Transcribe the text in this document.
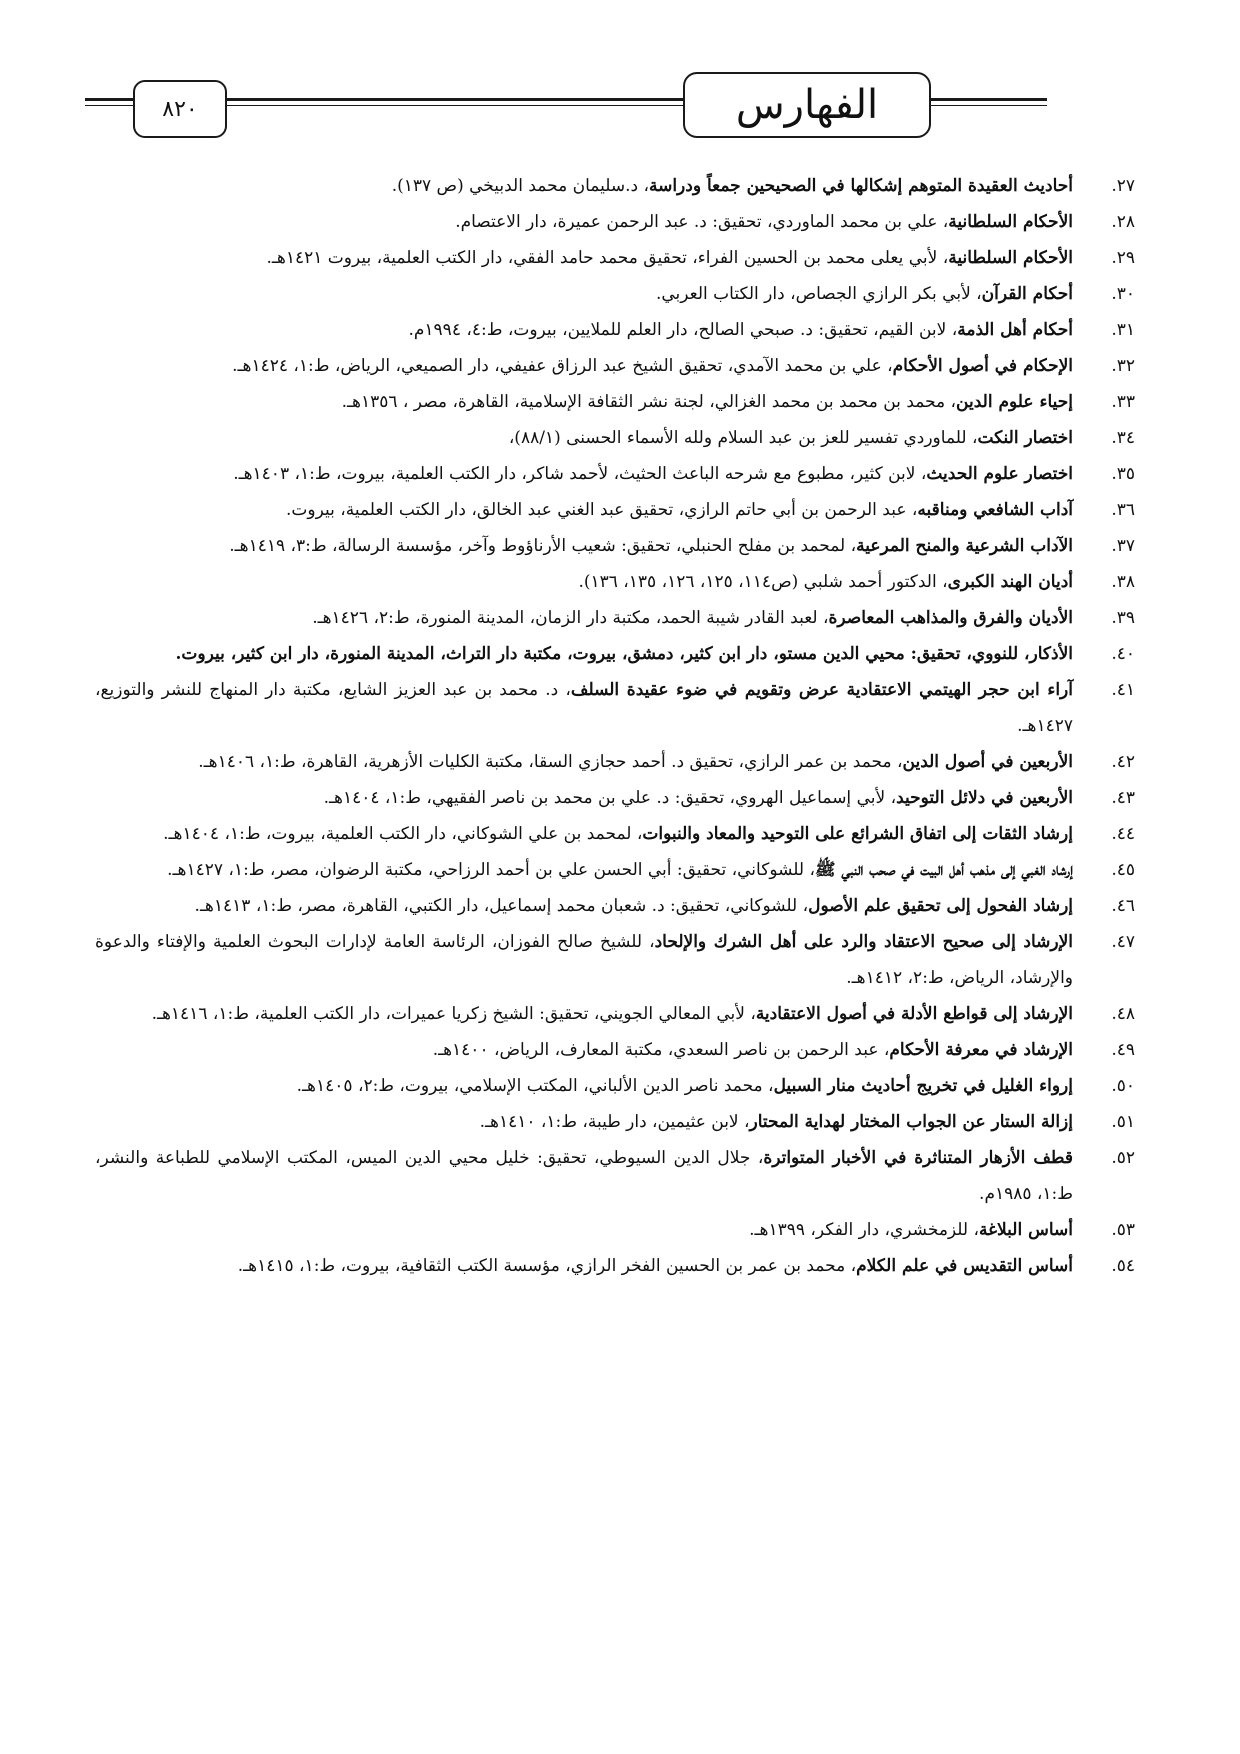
٨٢٠	الفهارس
٢٧.
أحاديث العقيدة المتوهم إشكالها في الصحيحين جمعاً ودراسة، د.سليمان محمد الدبيخي (ص ١٣٧).
٢٨.
الأحكام السلطانية، علي بن محمد الماوردي، تحقيق: د. عبد الرحمن عميرة، دار الاعتصام.
٢٩.
الأحكام السلطانية، لأبي يعلى محمد بن الحسين الفراء، تحقيق محمد حامد الفقي، دار الكتب العلمية، بيروت ١٤٢١هـ.
٣٠.
أحكام القرآن، لأبي بكر الرازي الجصاص، دار الكتاب العربي.
٣١.
أحكام أهل الذمة، لابن القيم، تحقيق: د. صبحي الصالح، دار العلم للملايين، بيروت، ط:٤، ١٩٩٤م.
٣٢.
الإحكام في أصول الأحكام، علي بن محمد الآمدي، تحقيق الشيخ عبد الرزاق عفيفي، دار الصميعي، الرياض، ط:١، ١٤٢٤هـ.
٣٣.
إحياء علوم الدين، محمد بن محمد بن محمد الغزالي، لجنة نشر الثقافة الإسلامية، القاهرة، مصر ، ١٣٥٦هـ.
٣٤.
اختصار النكت، للماوردي تفسير للعز بن عبد السلام ولله الأسماء الحسنى (٨٨/١)،
٣٥.
اختصار علوم الحديث، لابن كثير، مطبوع مع شرحه الباعث الحثيث، لأحمد شاكر، دار الكتب العلمية، بيروت، ط:١، ١٤٠٣هـ.
٣٦.
آداب الشافعي ومناقبه، عبد الرحمن بن أبي حاتم الرازي، تحقيق عبد الغني عبد الخالق، دار الكتب العلمية، بيروت.
٣٧.
الآداب الشرعية والمنح المرعية، لمحمد بن مفلح الحنبلي، تحقيق: شعيب الأرناؤوط وآخر، مؤسسة الرسالة، ط:٣، ١٤١٩هـ.
٣٨.
أديان الهند الكبرى، الدكتور أحمد شلبي (ص١١٤، ١٢٥، ١٢٦، ١٣٥، ١٣٦).
٣٩.
الأديان والفرق والمذاهب المعاصرة، لعبد القادر شيبة الحمد، مكتبة دار الزمان، المدينة المنورة، ط:٢، ١٤٢٦هـ.
٤٠.
الأذكار، للنووي، تحقيق: محيي الدين مستو، دار ابن كثير، دمشق، بيروت، مكتبة دار التراث، المدينة المنورة، دار ابن كثير، بيروت.
٤١.
آراء ابن حجر الهيتمي الاعتقادية عرض وتقويم في ضوء عقيدة السلف، د. محمد بن عبد العزيز الشايع، مكتبة دار المنهاج للنشر والتوزيع، ١٤٢٧هـ.
٤٢.
الأربعين في أصول الدين، محمد بن عمر الرازي، تحقيق د. أحمد حجازي السقا، مكتبة الكليات الأزهرية، القاهرة، ط:١، ١٤٠٦هـ.
٤٣.
الأربعين في دلائل التوحيد، لأبي إسماعيل الهروي، تحقيق: د. علي بن محمد بن ناصر الفقيهي، ط:١، ١٤٠٤هـ.
٤٤.
إرشاد الثقات إلى اتفاق الشرائع على التوحيد والمعاد والنبوات، لمحمد بن علي الشوكاني، دار الكتب العلمية، بيروت، ط:١، ١٤٠٤هـ.
٤٥.
إرشاد الغبي إلى مذهب أهل البيت في صحب النبي ﷺ، للشوكاني، تحقيق: أبي الحسن علي بن أحمد الرزاحي، مكتبة الرضوان، مصر، ط:١، ١٤٢٧هـ.
٤٦.
إرشاد الفحول إلى تحقيق علم الأصول، للشوكاني، تحقيق: د. شعبان محمد إسماعيل، دار الكتبي، القاهرة، مصر، ط:١، ١٤١٣هـ.
٤٧.
الإرشاد إلى صحيح الاعتقاد والرد على أهل الشرك والإلحاد، للشيخ صالح الفوزان، الرئاسة العامة لإدارات البحوث العلمية والإفتاء والدعوة والإرشاد، الرياض، ط:٢، ١٤١٢هـ.
٤٨.
الإرشاد إلى قواطع الأدلة في أصول الاعتقادية، لأبي المعالي الجويني، تحقيق: الشيخ زكريا عميرات، دار الكتب العلمية، ط:١، ١٤١٦هـ.
٤٩.
الإرشاد في معرفة الأحكام، عبد الرحمن بن ناصر السعدي، مكتبة المعارف، الرياض، ١٤٠٠هـ.
٥٠.
إرواء الغليل في تخريج أحاديث منار السبيل، محمد ناصر الدين الألباني، المكتب الإسلامي، بيروت، ط:٢، ١٤٠٥هـ.
٥١.
إزالة الستار عن الجواب المختار لهداية المحتار، لابن عثيمين، دار طيبة، ط:١، ١٤١٠هـ.
٥٢.
قطف الأزهار المتناثرة في الأخبار المتواترة، جلال الدين السيوطي، تحقيق: خليل محيي الدين الميس، المكتب الإسلامي للطباعة والنشر، ط:١، ١٩٨٥م.
٥٣.
أساس البلاغة، للزمخشري، دار الفكر، ١٣٩٩هـ.
٥٤.
أساس التقديس في علم الكلام، محمد بن عمر بن الحسين الفخر الرازي، مؤسسة الكتب الثقافية، بيروت، ط:١، ١٤١٥هـ.
